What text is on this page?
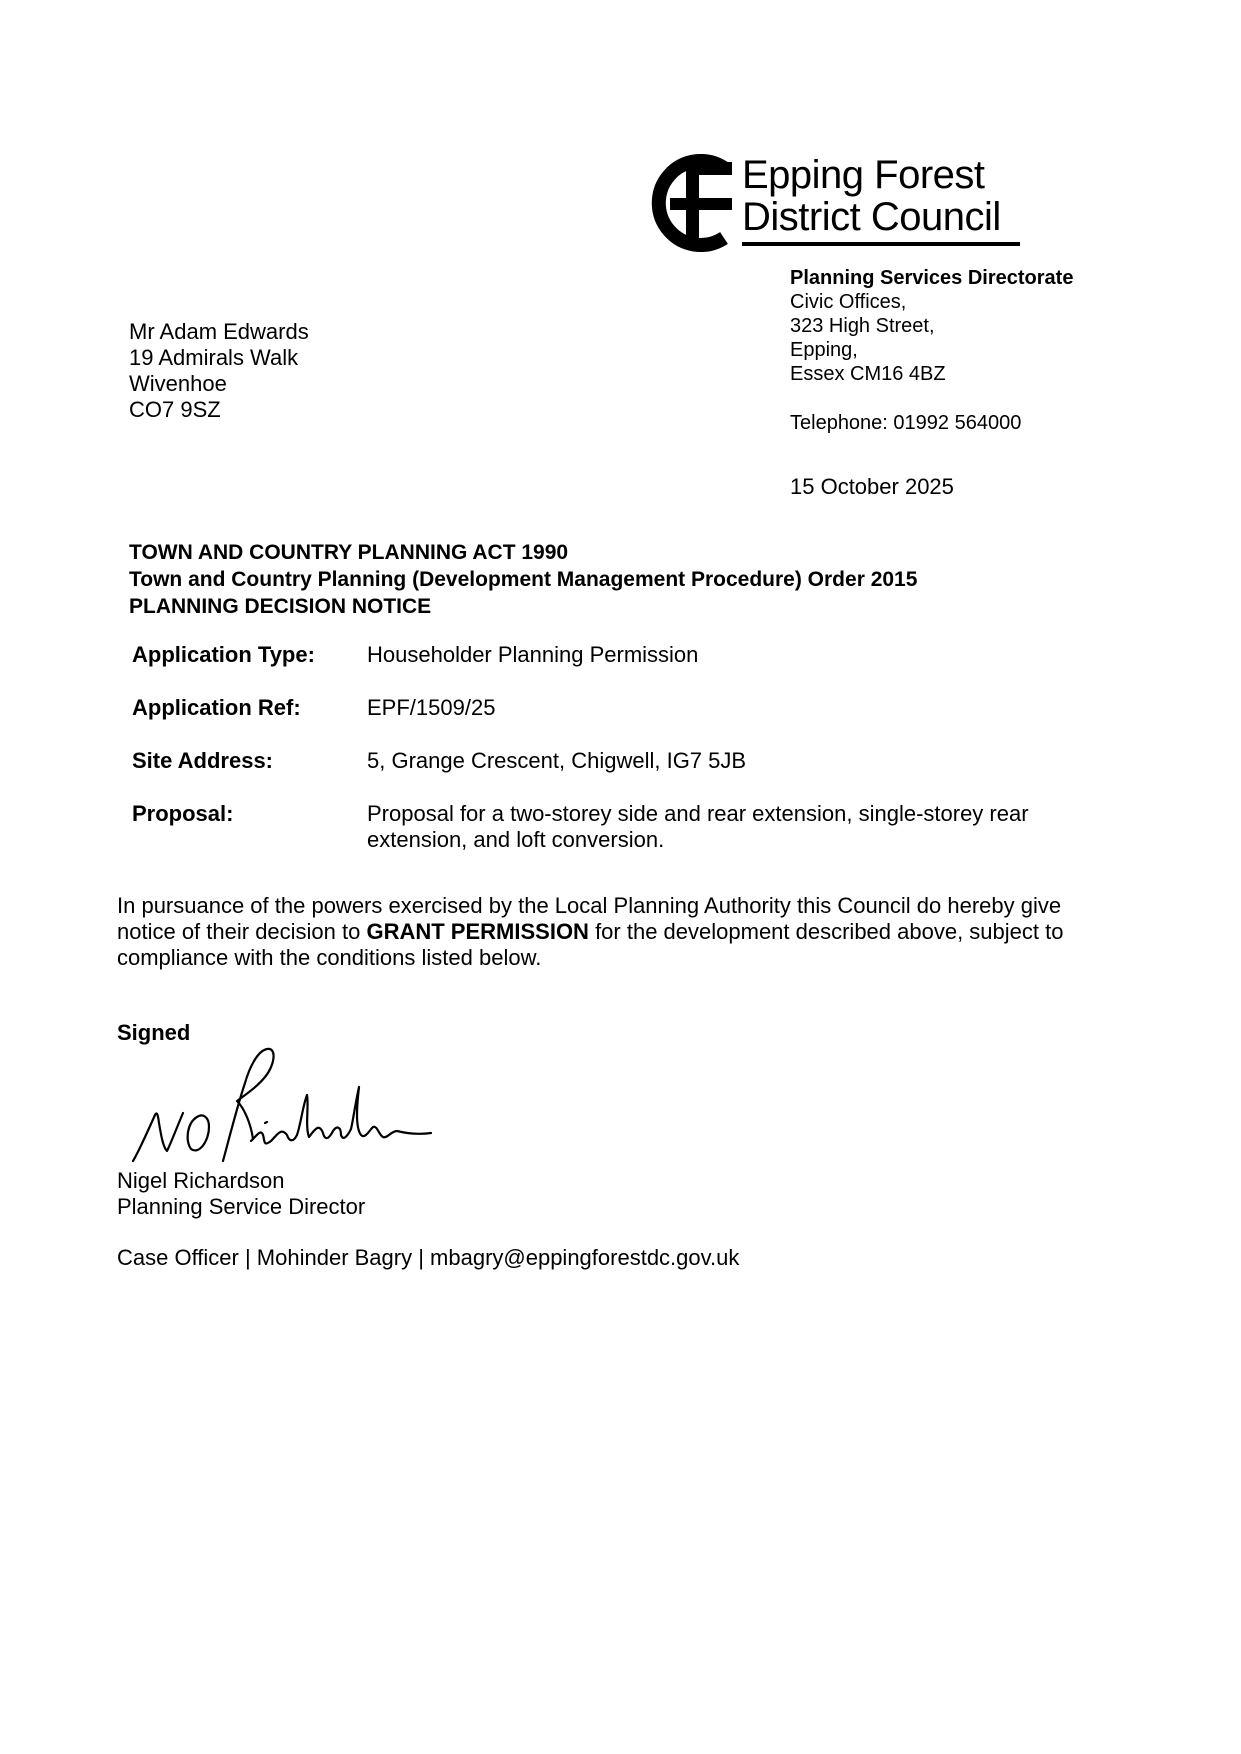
Epping Forest
District Council
Planning Services Directorate
Civic Offices,
323 High Street,
Epping,
Essex CM16 4BZ
Telephone: 01992 564000
15 October 2025
Mr Adam Edwards
19 Admirals Walk
Wivenhoe
CO7 9SZ
TOWN AND COUNTRY PLANNING ACT 1990
Town and Country Planning (Development Management Procedure) Order 2015
PLANNING DECISION NOTICE
Application Type:	Householder Planning Permission
Application Ref:	EPF/1509/25
Site Address:	5, Grange Crescent, Chigwell, IG7 5JB
Proposal:	Proposal for a two-storey side and rear extension, single-storey rear extension, and loft conversion.
In pursuance of the powers exercised by the Local Planning Authority this Council do hereby give notice of their decision to GRANT PERMISSION for the development described above, subject to compliance with the conditions listed below.
Signed
Nigel Richardson
Planning Service Director
Case Officer | Mohinder Bagry | mbagry@eppingforestdc.gov.uk
